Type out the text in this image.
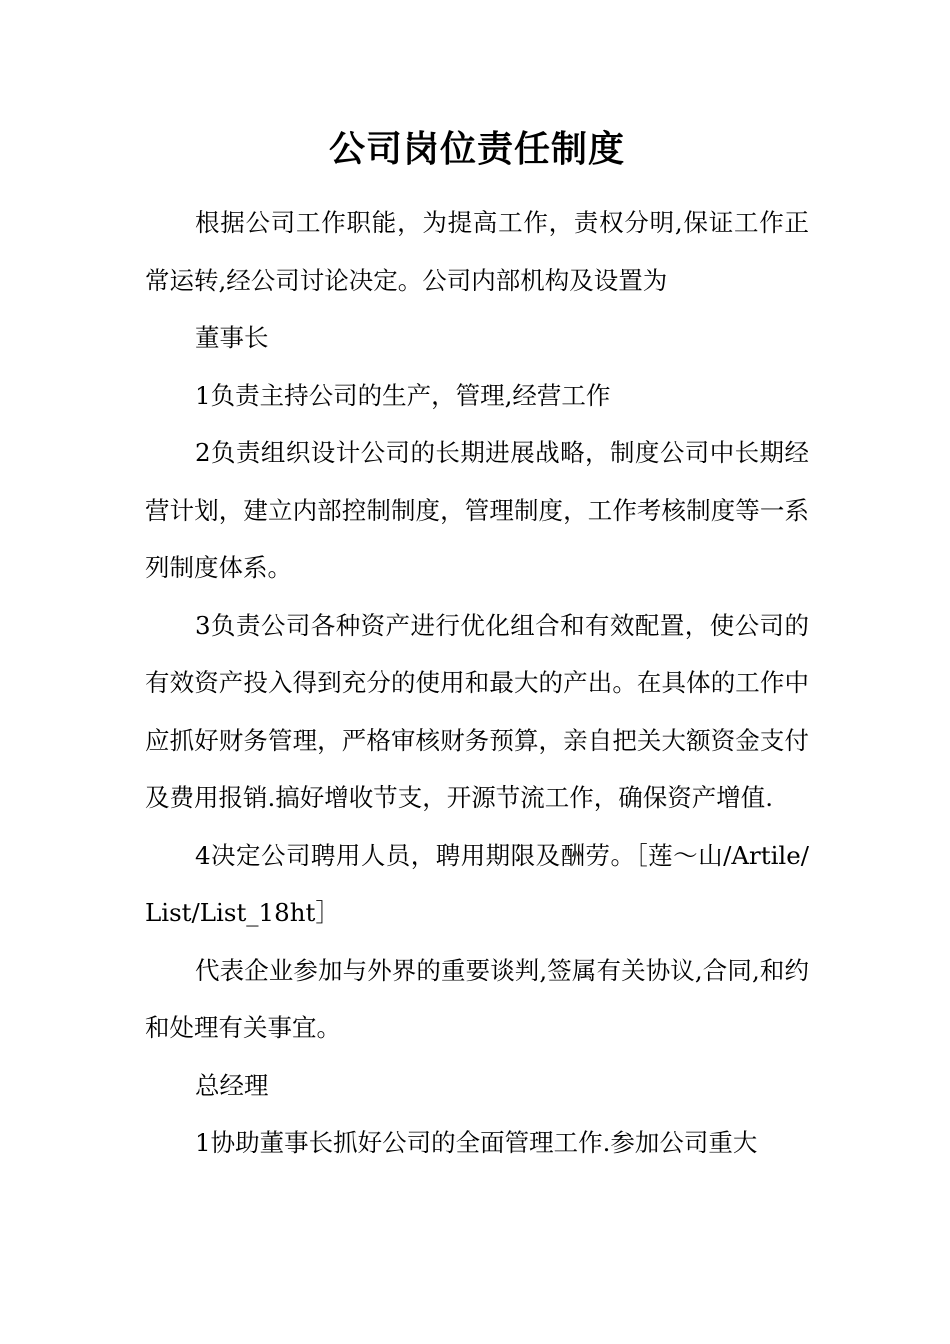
公司岗位责任制度

根据公司工作职能，为提高工作，责权分明,保证工作正常运转,经公司讨论决定。公司内部机构及设置为

董事长

1负责主持公司的生产，管理,经营工作

2负责组织设计公司的长期进展战略，制度公司中长期经营计划，建立内部控制制度，管理制度，工作考核制度等一系列制度体系。

3负责公司各种资产进行优化组合和有效配置，使公司的有效资产投入得到充分的使用和最大的产出。在具体的工作中应抓好财务管理，严格审核财务预算，亲自把关大额资金支付及费用报销.搞好增收节支，开源节流工作，确保资产增值.

4决定公司聘用人员，聘用期限及酬劳。［莲～山/Artile/List/List_18ht］

代表企业参加与外界的重要谈判,签属有关协议,合同,和约和处理有关事宜。

总经理

1协助董事长抓好公司的全面管理工作.参加公司重大
